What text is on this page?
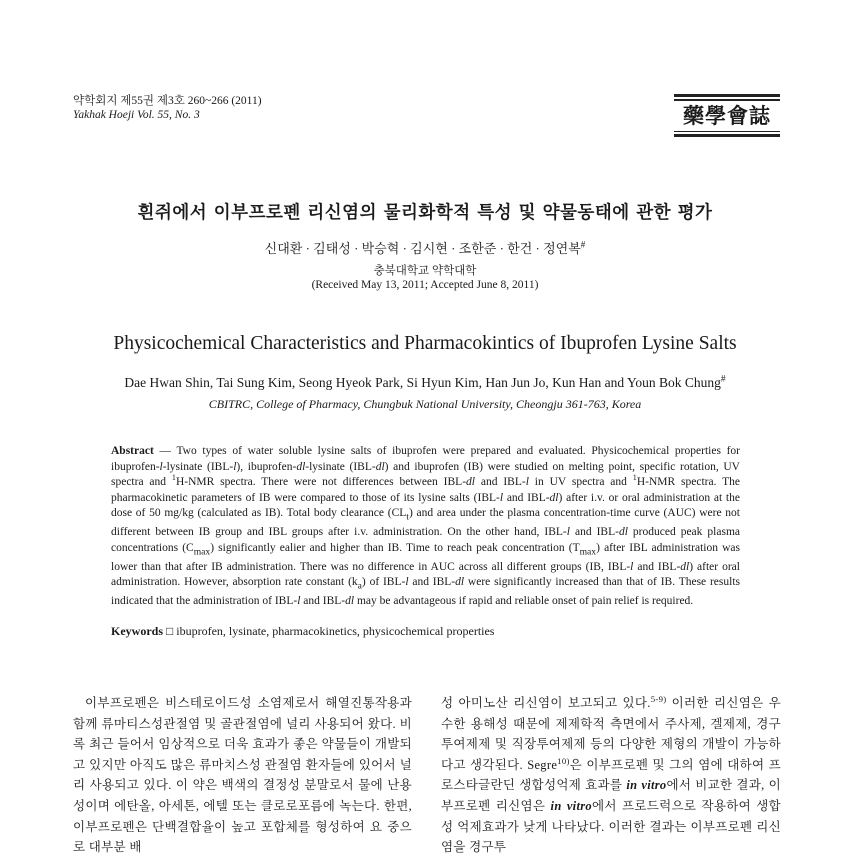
약학회지 제55권 제3호 260~266 (2011)
Yakhak Hoeji Vol. 55, No. 3	藥學會誌
흰쥐에서 이부프로펜 리신염의 물리화학적 특성 및 약물동태에 관한 평가
신대환 · 김태성 · 박승혁 · 김시현 · 조한준 · 한건 · 정연복#
충북대학교 약학대학
(Received May 13, 2011; Accepted June 8, 2011)
Physicochemical Characteristics and Pharmacokintics of Ibuprofen Lysine Salts
Dae Hwan Shin, Tai Sung Kim, Seong Hyeok Park, Si Hyun Kim, Han Jun Jo, Kun Han and Youn Bok Chung#
CBITRC, College of Pharmacy, Chungbuk National University, Cheongju 361-763, Korea
Abstract — Two types of water soluble lysine salts of ibuprofen were prepared and evaluated. Physicochemical properties for ibuprofen-l-lysinate (IBL-l), ibuprofen-dl-lysinate (IBL-dl) and ibuprofen (IB) were studied on melting point, specific rotation, UV spectra and $^1$H-NMR spectra. There were not differences between IBL-dl and IBL-l in UV spectra and $^1$H-NMR spectra. The pharmacokinetic parameters of IB were compared to those of its lysine salts (IBL-l and IBL-dl) after i.v. or oral administration at the dose of 50 mg/kg (calculated as IB). Total body clearance $(CL_t)$ and area under the plasma concentration-time curve (AUC) were not different between IB group and IBL groups after i.v. administration. On the other hand, IBL-l and IBL-dl produced peak plasma concentrations $(C_{max})$ significantly ealier and higher than IB. Time to reach peak concentration $(T_{max})$ after IBL administration was lower than that after IB administration. There was no difference in AUC across all different groups (IB, IBL-l and IBL-dl) after oral administration. However, absorption rate constant $(k_a)$ of IBL-l and IBL-dl were significantly increased than that of IB. These results indicated that the administration of IBL-l and IBL-dl may be advantageous if rapid and reliable onset of pain relief is required.
Keywords □ ibuprofen, lysinate, pharmacokinetics, physicochemical properties

이부프로펜은 비스테로이드성 소염제로서 해열진통작용과 함께 류마티스성관절염 및 골관절염에 널리 사용되어 왔다. 비록 최근 들어서 임상적으로 더욱 효과가 좋은 약물들이 개발되고 있지만 아직도 많은 류마치스성 관절염 환자들에 있어서 널리 사용되고 있다. 이 약은 백색의 결정성 분말로서 물에 난용성이며 에탄올, 아세톤, 에텔 또는 클로로포름에 녹는다. 한편, 이부프로펜은 단백결합율이 높고 포합체를 형성하여 요 중으로 대부분 배

성 아미노산 리신염이 보고되고 있다.$^{5-9)}$ 이러한 리신염은 우수한 용해성 때문에 제제학적 측면에서 주사제, 겔제제, 경구투여제제 및 직장투여제제 등의 다양한 제형의 개발이 가능하다고 생각된다. Segre$^{10)}$은 이부프로펜 및 그의 염에 대하여 프로스타글란딘 생합성억제 효과를 in vitro에서 비교한 결과, 이부프로펜 리신염은 in vitro에서 프로드럭으로 작용하여 생합성 억제효과가 낮게 나타났다. 이러한 결과는 이부프로펜 리신염을 경구투
